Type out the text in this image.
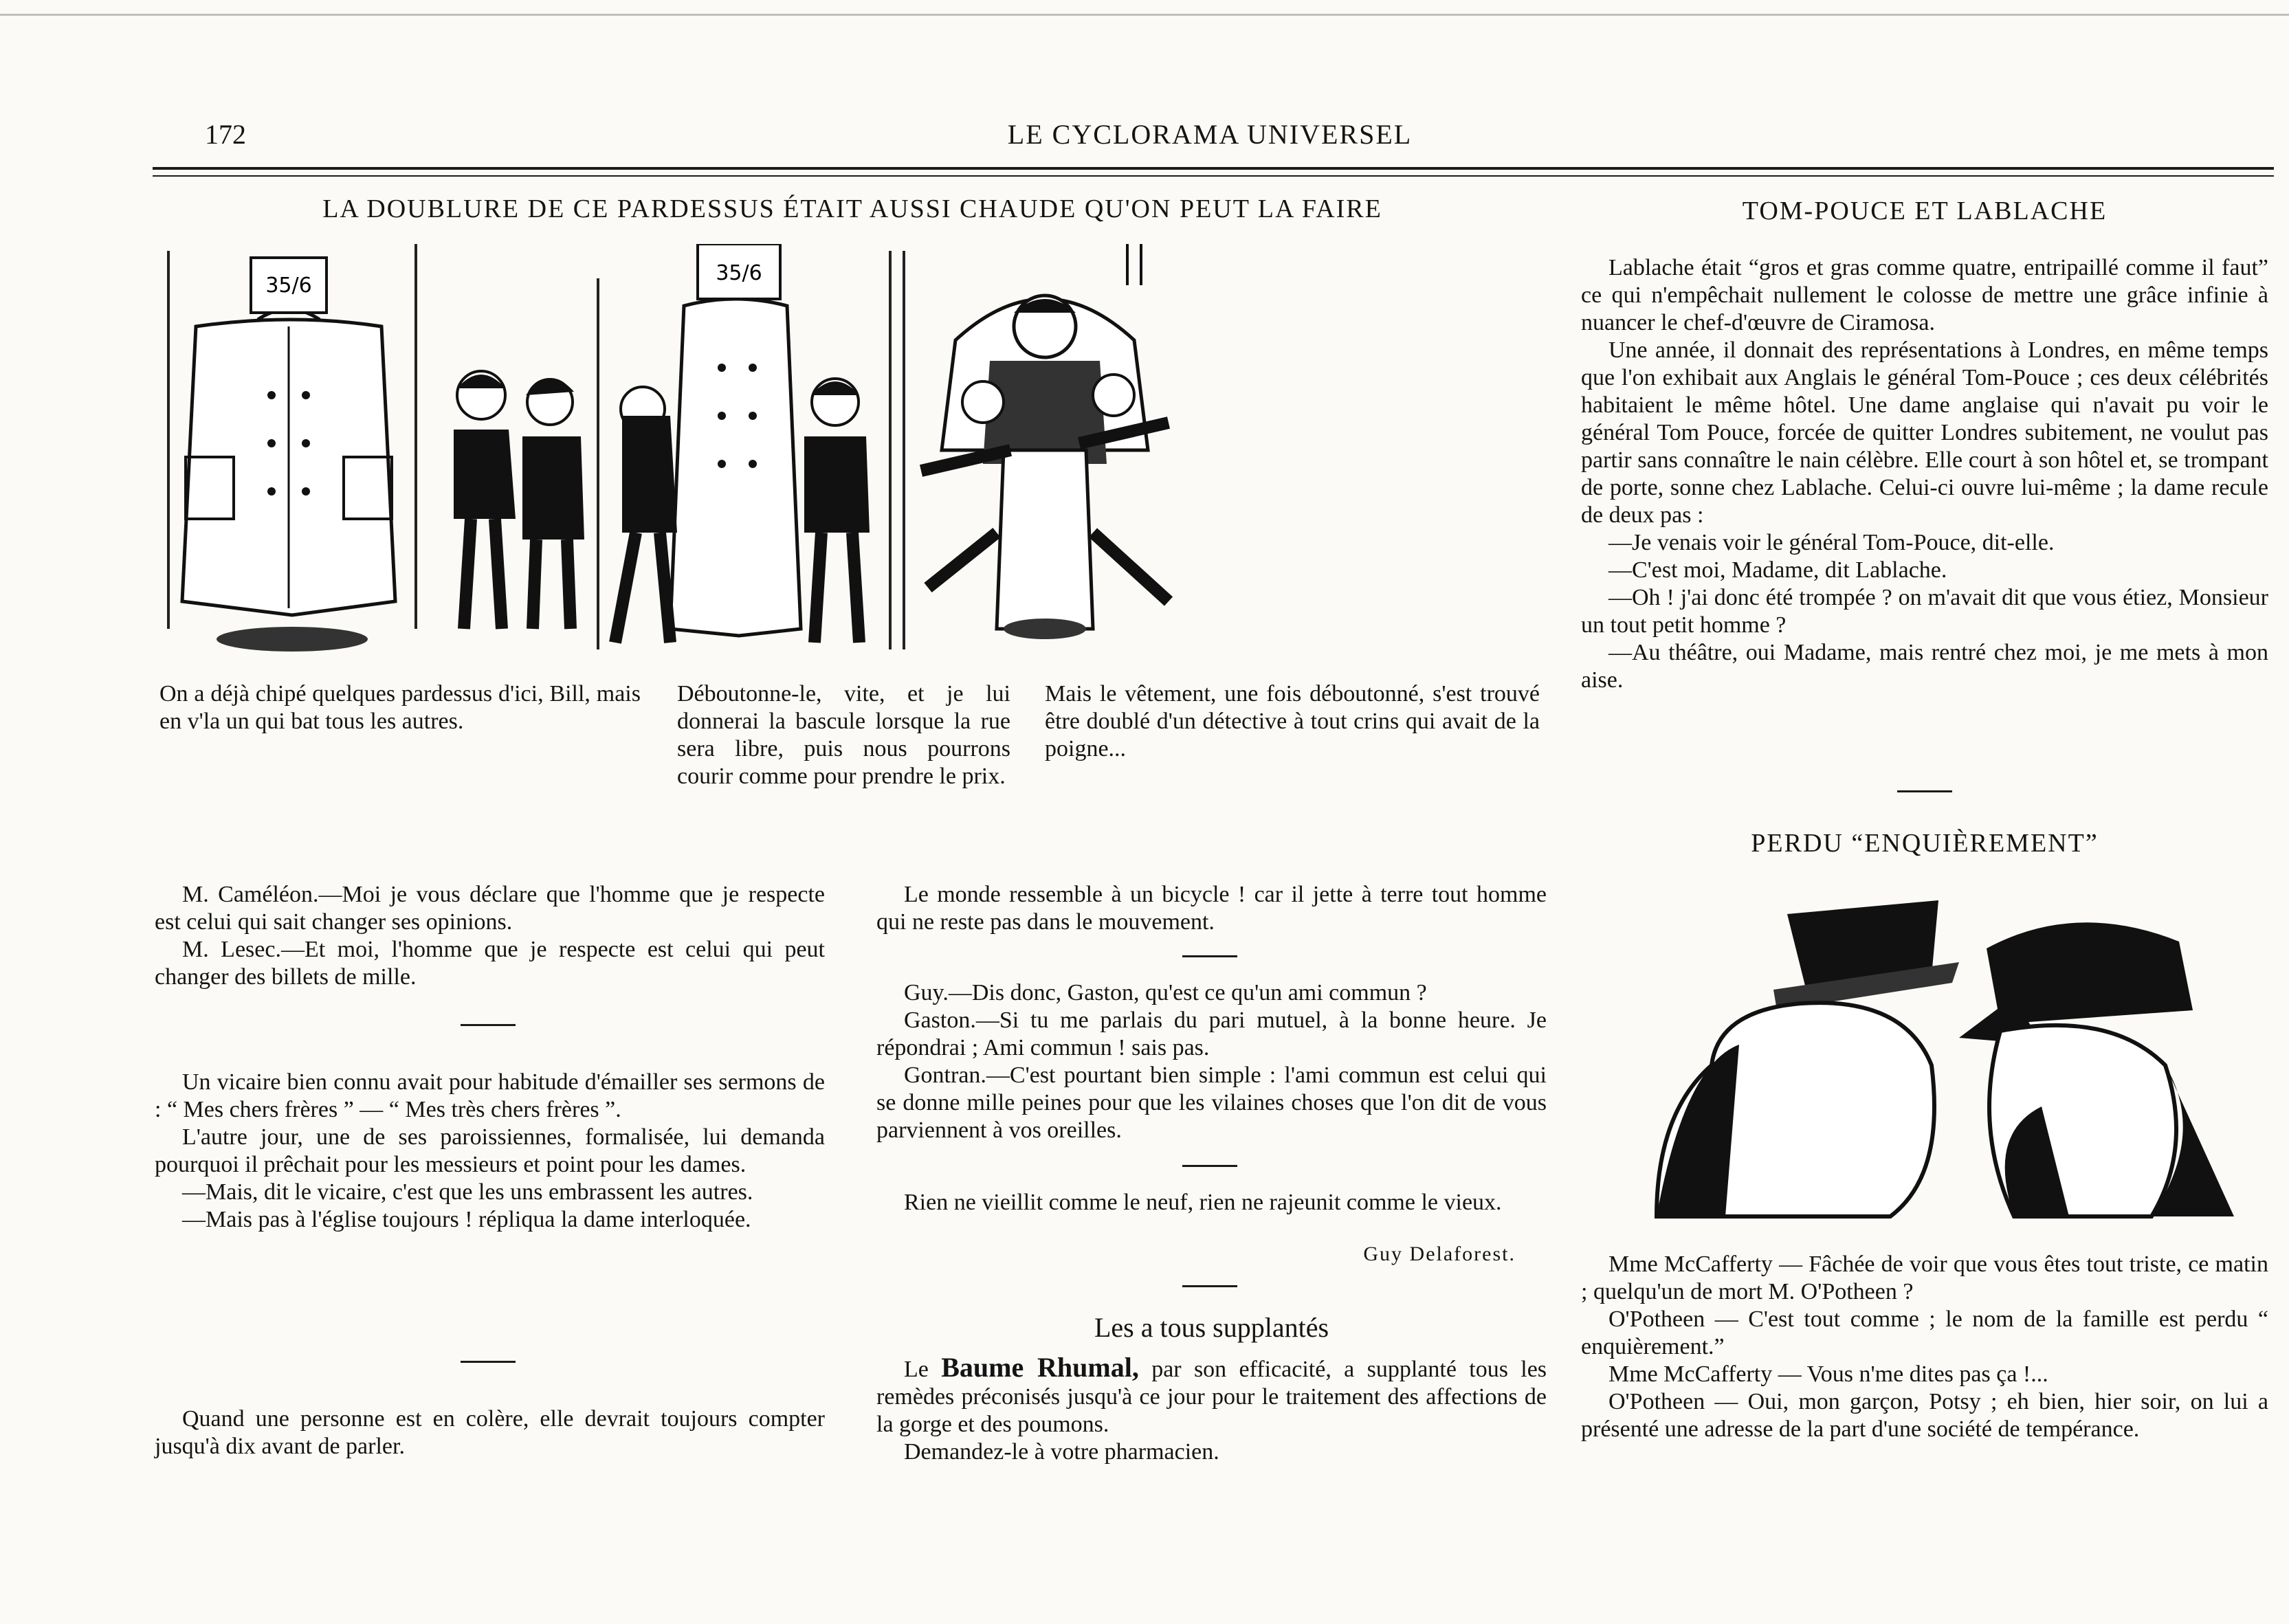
172	LE CYCLORAMA UNIVERSEL
LA DOUBLURE DE CE PARDESSUS ÉTAIT AUSSI CHAUDE QU'ON PEUT LA FAIRE
35/6
35/6
On a déjà chipé quelques pardessus d'ici, Bill, mais en v'la un qui bat tous les autres.
Déboutonne-le, vite, et je lui donnerai la bascule lorsque la rue sera libre, puis nous pourrons courir comme pour prendre le prix.
Mais le vêtement, une fois déboutonné, s'est trouvé être doublé d'un détective à tout crins qui avait de la poigne...
TOM-POUCE ET LABLACHE

Lablache était “gros et gras comme quatre, entripaillé comme il faut” ce qui n'empêchait nullement le colosse de mettre une grâce infinie à nuancer le chef-d'œuvre de Ciramosa.

Une année, il donnait des représentations à Londres, en même temps que l'on exhibait aux Anglais le général Tom-Pouce ; ces deux célébrités habitaient le même hôtel. Une dame anglaise qui n'avait pu voir le général Tom Pouce, forcée de quitter Londres subitement, ne voulut pas partir sans connaître le nain célèbre. Elle court à son hôtel et, se trompant de porte, sonne chez Lablache. Celui-ci ouvre lui-même ; la dame recule de deux pas :

—Je venais voir le général Tom-Pouce, dit-elle.

—C'est moi, Madame, dit Lablache.

—Oh ! j'ai donc été trompée ? on m'avait dit que vous étiez, Monsieur un tout petit homme ?

—Au théâtre, oui Madame, mais rentré chez moi, je me mets à mon aise.

PERDU “ENQUIÈREMENT”

Mme McCafferty — Fâchée de voir que vous êtes tout triste, ce matin ; quelqu'un de mort M. O'Potheen ?

O'Potheen — C'est tout comme ; le nom de la famille est perdu “ enquièrement.”

Mme McCafferty — Vous n'me dites pas ça !...

O'Potheen — Oui, mon garçon, Potsy ; eh bien, hier soir, on lui a présenté une adresse de la part d'une société de tempérance.

M. Caméléon.—Moi je vous déclare que l'homme que je respecte est celui qui sait changer ses opinions.

M. Lesec.—Et moi, l'homme que je respecte est celui qui peut changer des billets de mille.

Un vicaire bien connu avait pour habitude d'émailler ses sermons de : “ Mes chers frères ” — “ Mes très chers frères ”.

L'autre jour, une de ses paroissiennes, formalisée, lui demanda pourquoi il prêchait pour les messieurs et point pour les dames.

—Mais, dit le vicaire, c'est que les uns embrassent les autres.

—Mais pas à l'église toujours ! répliqua la dame interloquée.

Quand une personne est en colère, elle devrait toujours compter jusqu'à dix avant de parler.

Le monde ressemble à un bicycle ! car il jette à terre tout homme qui ne reste pas dans le mouvement.

Guy.—Dis donc, Gaston, qu'est ce qu'un ami commun ?

Gaston.—Si tu me parlais du pari mutuel, à la bonne heure. Je répondrai ; Ami commun ! sais pas.

Gontran.—C'est pourtant bien simple : l'ami commun est celui qui se donne mille peines pour que les vilaines choses que l'on dit de vous parviennent à vos oreilles.

Rien ne vieillit comme le neuf, rien ne rajeunit comme le vieux.

Guy Delaforest.
Les a tous supplantés

Le Baume Rhumal, par son efficacité, a supplanté tous les remèdes préconisés jusqu'à ce jour pour le traitement des affections de la gorge et des poumons.

Demandez-le à votre pharmacien.
